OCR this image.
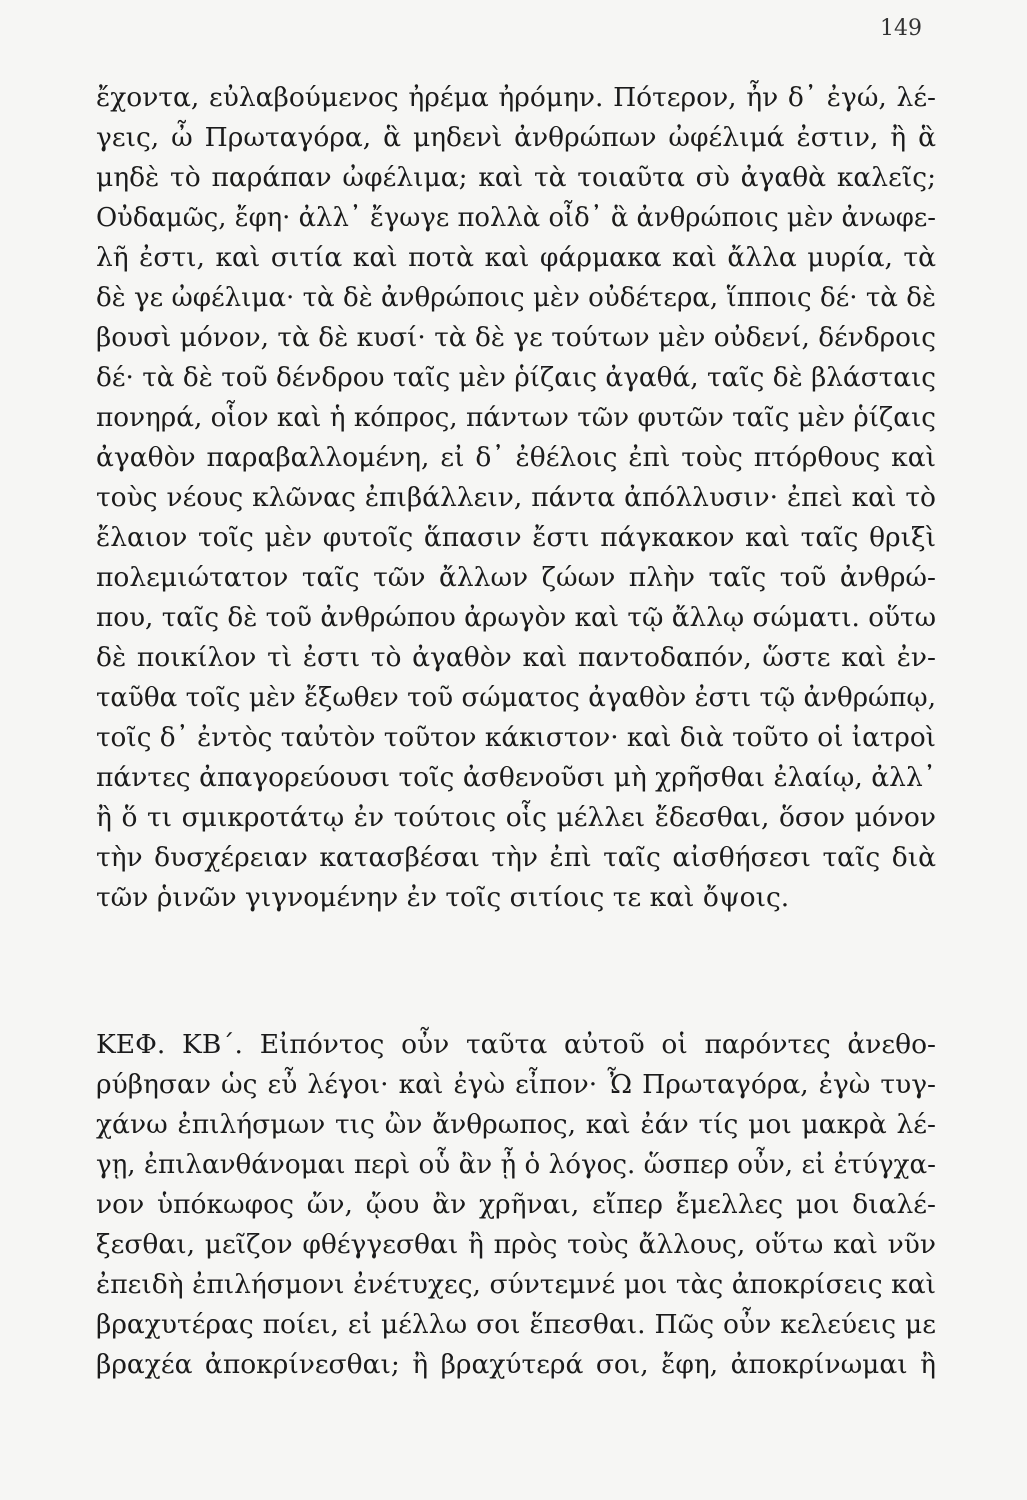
149
ἔχοντα, εὐλαβούμενος ἠρέμα ἠρόμην. Πότερον, ἦν δ᾽ ἐγώ, λέ-
γεις, ὦ Πρωταγόρα, ἃ μηδενὶ ἀνθρώπων ὠφέλιμά ἐστιν, ἢ ἃ
μηδὲ τὸ παράπαν ὠφέλιμα; καὶ τὰ τοιαῦτα σὺ ἀγαθὰ καλεῖς;
Οὐδαμῶς, ἔφη· ἀλλ᾽ ἔγωγε πολλὰ οἶδ᾽ ἃ ἀνθρώποις μὲν ἀνωφε-
λῆ ἐστι, καὶ σιτία καὶ ποτὰ καὶ φάρμακα καὶ ἄλλα μυρία, τὰ
δὲ γε ὠφέλιμα· τὰ δὲ ἀνθρώποις μὲν οὐδέτερα, ἵπποις δέ· τὰ δὲ
βουσὶ μόνον, τὰ δὲ κυσί· τὰ δὲ γε τούτων μὲν οὐδενί, δένδροις
δέ· τὰ δὲ τοῦ δένδρου ταῖς μὲν ῥίζαις ἀγαθά, ταῖς δὲ βλάσταις
πονηρά, οἷον καὶ ἡ κόπρος, πάντων τῶν φυτῶν ταῖς μὲν ῥίζαις
ἀγαθὸν παραβαλλομένη, εἰ δ᾽ ἐθέλοις ἐπὶ τοὺς πτόρθους καὶ
τοὺς νέους κλῶνας ἐπιβάλλειν, πάντα ἀπόλλυσιν· ἐπεὶ καὶ τὸ
ἔλαιον τοῖς μὲν φυτοῖς ἅπασιν ἔστι πάγκακον καὶ ταῖς θριξὶ
πολεμιώτατον ταῖς τῶν ἄλλων ζώων πλὴν ταῖς τοῦ ἀνθρώ-
που, ταῖς δὲ τοῦ ἀνθρώπου ἀρωγὸν καὶ τῷ ἄλλῳ σώματι. οὕτω
δὲ ποικίλον τὶ ἐστι τὸ ἀγαθὸν καὶ παντοδαπόν, ὥστε καὶ ἐν-
ταῦθα τοῖς μὲν ἔξωθεν τοῦ σώματος ἀγαθὸν ἐστι τῷ ἀνθρώπῳ,
τοῖς δ᾽ ἐντὸς ταὐτὸν τοῦτον κάκιστον· καὶ διὰ τοῦτο οἱ ἰατροὶ
πάντες ἀπαγορεύουσι τοῖς ἀσθενοῦσι μὴ χρῆσθαι ἐλαίῳ, ἀλλ᾽
ἢ ὅ τι σμικροτάτῳ ἐν τούτοις οἷς μέλλει ἔδεσθαι, ὅσον μόνον
τὴν δυσχέρειαν κατασβέσαι τὴν ἐπὶ ταῖς αἰσθήσεσι ταῖς διὰ
τῶν ῥινῶν γιγνομένην ἐν τοῖς σιτίοις τε καὶ ὄψοις.
ΚΕΦ. ΚΒ΄. Εἰπόντος οὖν ταῦτα αὐτοῦ οἱ παρόντες ἀνεθο-
ρύβησαν ὡς εὖ λέγοι· καὶ ἐγὼ εἶπον· Ὦ Πρωταγόρα, ἐγὼ τυγ-
χάνω ἐπιλήσμων τις ὢν ἄνθρωπος, καὶ ἐάν τίς μοι μακρὰ λέ-
γῃ, ἐπιλανθάνομαι περὶ οὗ ἂν ᾖ ὁ λόγος. ὥσπερ οὖν, εἰ ἐτύγχα-
νον ὑπόκωφος ὤν, ᾤου ἂν χρῆναι, εἴπερ ἔμελλες μοι διαλέ-
ξεσθαι, μεῖζον φθέγγεσθαι ἢ πρὸς τοὺς ἄλλους, οὕτω καὶ νῦν
ἐπειδὴ ἐπιλήσμονι ἐνέτυχες, σύντεμνέ μοι τὰς ἀποκρίσεις καὶ
βραχυτέρας ποίει, εἰ μέλλω σοι ἕπεσθαι. Πῶς οὖν κελεύεις με
βραχέα ἀποκρίνεσθαι; ἢ βραχύτερά σοι, ἔφη, ἀποκρίνωμαι ἢ
